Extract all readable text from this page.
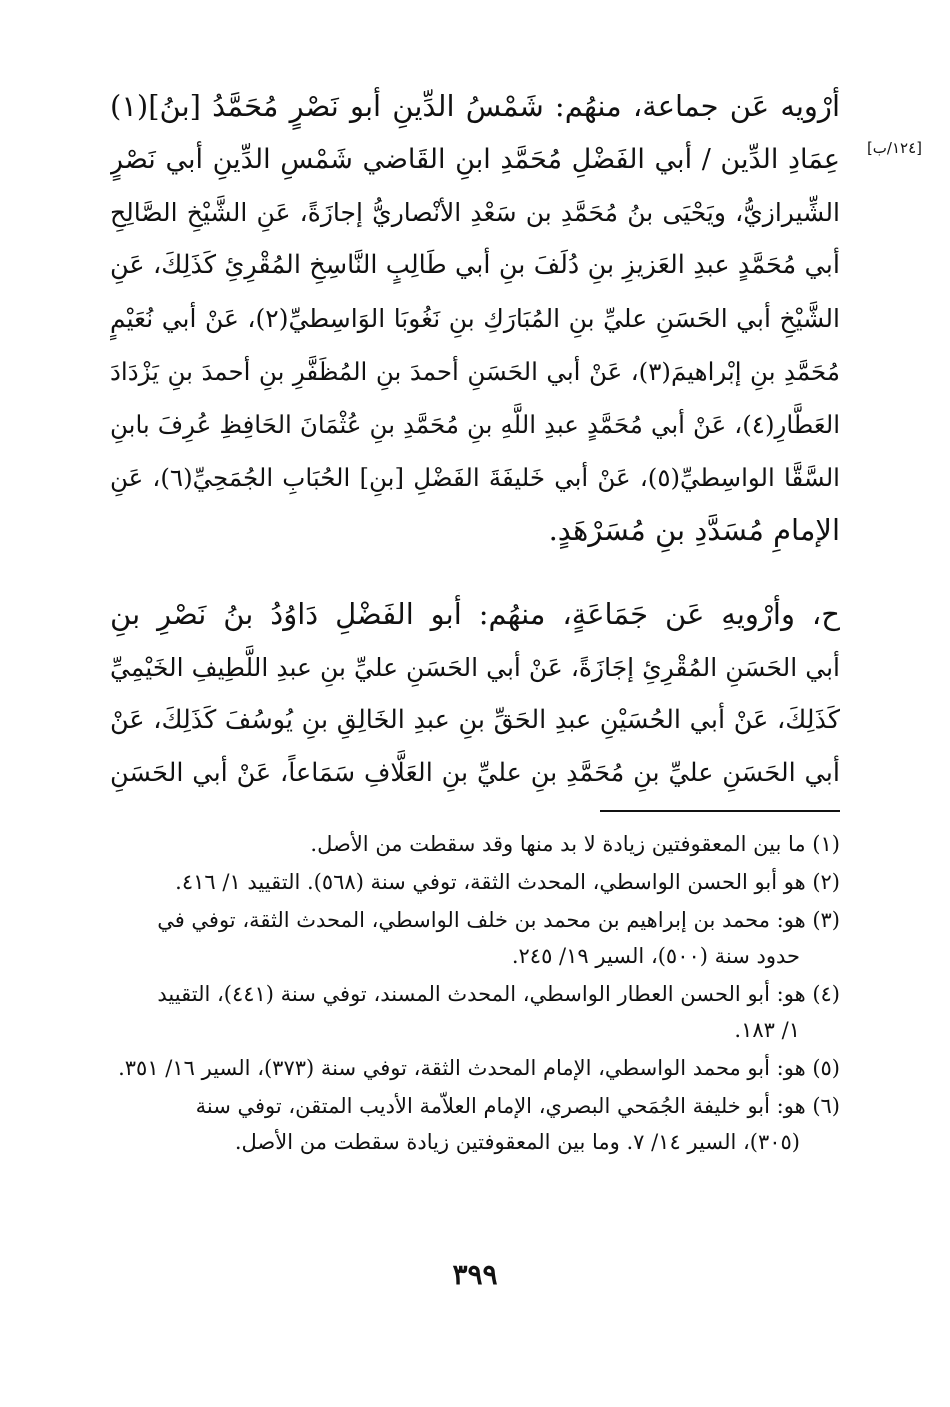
[١٢٤/ب]
أرْويه عَن جماعة، منهُم: شَمْسُ الدِّينِ أبو نَصْرٍ مُحَمَّدُ [بنُ](١)
عِمَادِ الدِّين / أبي الفَضْلِ مُحَمَّدِ ابنِ القَاضي شَمْسِ الدِّينِ أبي نَصْرٍ
الشِّيرازيُّ، ويَحْيَى بنُ مُحَمَّدِ بن سَعْدِ الأنْصاريُّ إجازَةً، عَنِ الشَّيْخِ الصَّالِحِ
أبي مُحَمَّدٍ عبدِ العَزيزِ بنِ دُلَفَ بنِ أبي طَالِبٍ النَّاسِخِ المُقْرِئِ كَذَلِكَ، عَنِ
الشَّيْخِ أبي الحَسَنِ عليِّ بنِ المُبَارَكِ بنِ نَغُوبَا الوَاسِطيِّ(٢)، عَنْ أبي نُعَيْمٍ
مُحَمَّدِ بنِ إبْراهيمَ(٣)، عَنْ أبي الحَسَنِ أحمدَ بنِ المُظَفَّرِ بنِ أحمدَ بنِ يَزْدَادَ
العَطَّارِ(٤)، عَنْ أبي مُحَمَّدٍ عبدِ اللَّهِ بنِ مُحَمَّدِ بنِ عُثْمَانَ الحَافِظِ عُرِفَ بابنِ
السَّقَّا الواسِطيِّ(٥)، عَنْ أبي خَليفَةَ الفَضْلِ [بنِ] الحُبَابِ الجُمَحِيِّ(٦)، عَنِ
الإمامِ مُسَدَّدِ بنِ مُسَرْهَدٍ.
ح، وأرْويهِ عَن جَمَاعَةٍ، منهُم: أبو الفَضْلِ دَاوُدُ بنُ نَصْرِ بنِ
أبي الحَسَنِ المُقْرِئِ إجَازَةً، عَنْ أبي الحَسَنِ عليِّ بنِ عبدِ اللَّطِيفِ الخَيْمِيِّ
كَذَلِكَ، عَنْ أبي الحُسَيْنِ عبدِ الحَقِّ بنِ عبدِ الخَالِقِ بنِ يُوسُفَ كَذَلِكَ، عَنْ
أبي الحَسَنِ عليِّ بنِ مُحَمَّدِ بنِ عليِّ بنِ العَلَّافِ سَمَاعاً، عَنْ أبي الحَسَنِ
(١) ما بين المعقوفتين زيادة لا بد منها وقد سقطت من الأصل.
(٢) هو أبو الحسن الواسطي، المحدث الثقة، توفي سنة (٥٦٨). التقييد ١/ ٤١٦.
(٣) هو: محمد بن إبراهيم بن محمد بن خلف الواسطي، المحدث الثقة، توفي في
حدود سنة (٥٠٠)، السير ١٩/ ٢٤٥.
(٤) هو: أبو الحسن العطار الواسطي، المحدث المسند، توفي سنة (٤٤١)، التقييد
١/ ١٨٣.
(٥) هو: أبو محمد الواسطي، الإمام المحدث الثقة، توفي سنة (٣٧٣)، السير ١٦/ ٣٥١.
(٦) هو: أبو خليفة الجُمَحي البصري، الإمام العلاّمة الأديب المتقن، توفي سنة
(٣٠٥)، السير ١٤/ ٧. وما بين المعقوفتين زيادة سقطت من الأصل.
٣٩٩
